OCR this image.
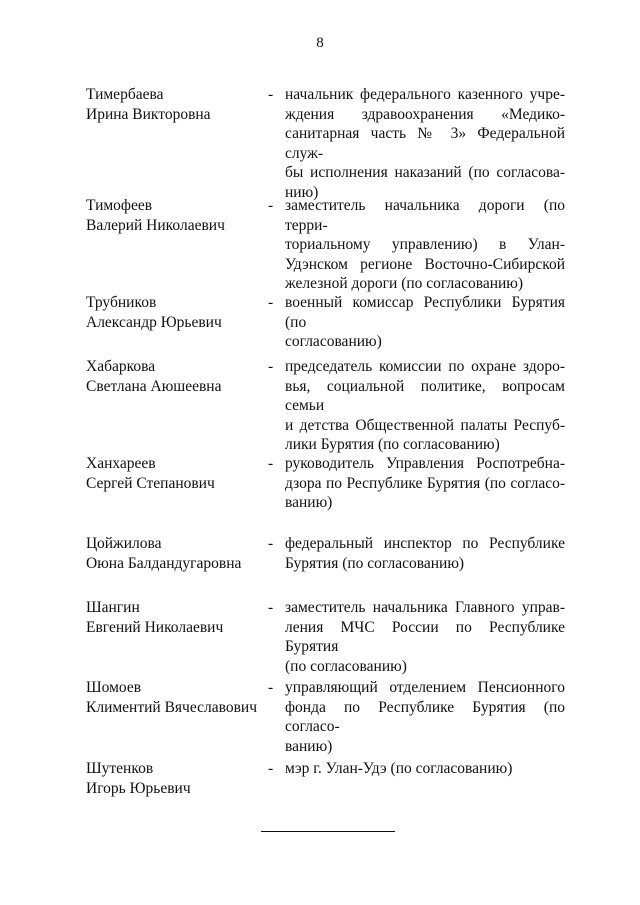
8
Тимербаева
Ирина Викторовна
- начальник федерального казенного учре-
ждения здравоохранения «Медико-
санитарная часть № 3» Федеральной служ-
бы исполнения наказаний (по согласова-
нию)
Тимофеев
Валерий Николаевич
- заместитель начальника дороги (по терри-
ториальному управлению) в Улан-
Удэнском регионе Восточно-Сибирской
железной дороги (по согласованию)
Трубников
Александр Юрьевич
- военный комиссар Республики Бурятия (по
согласованию)
Хабаркова
Светлана Аюшеевна
- председатель комиссии по охране здоро-
вья, социальной политике, вопросам семьи
и детства Общественной палаты Респуб-
лики Бурятия (по согласованию)
Ханхареев
Сергей Степанович
- руководитель Управления Роспотребна-
дзора по Республике Бурятия (по согласо-
ванию)
Цойжилова
Оюна Балдандугаровна
- федеральный инспектор по Республике
Бурятия (по согласованию)
Шангин
Евгений Николаевич
- заместитель начальника Главного управ-
ления МЧС России по Республике Бурятия
(по согласованию)
Шомоев
Климентий Вячеславович
- управляющий отделением Пенсионного
фонда по Республике Бурятия (по согласо-
ванию)
Шутенков
Игорь Юрьевич
- мэр г. Улан-Удэ (по согласованию)
